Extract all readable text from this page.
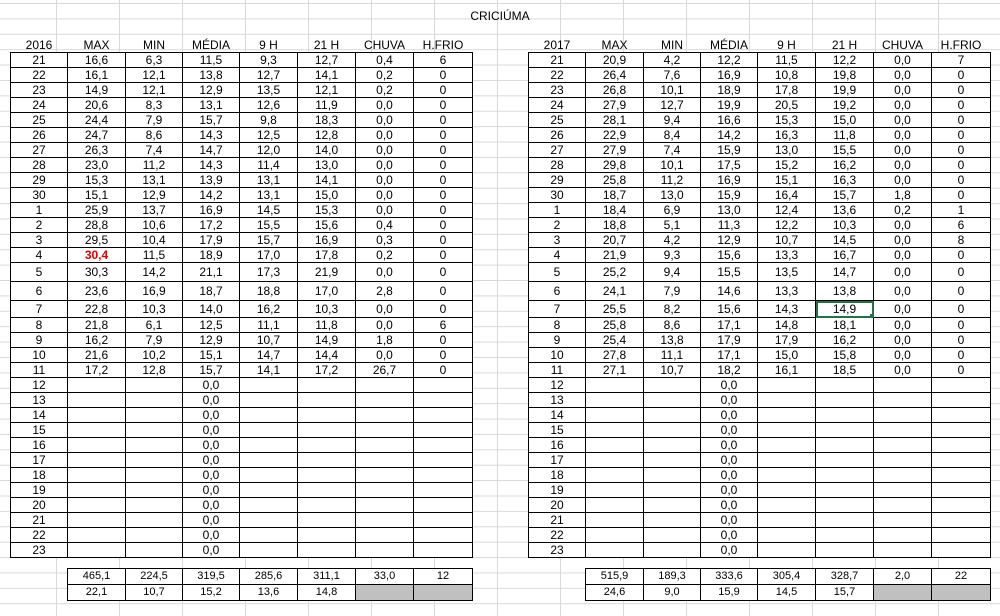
CRICIÚMA
2016	MAX	MIN	MÉDIA	9 H	21 H	CHUVA	H.FRIO
21	16,6	6,3	11,5	9,3	12,7	0,4	6
22	16,1	12,1	13,8	12,7	14,1	0,2	0
23	14,9	12,1	12,9	13,5	12,1	0,2	0
24	20,6	8,3	13,1	12,6	11,9	0,0	0
25	24,4	7,9	15,7	9,8	18,3	0,0	0
26	24,7	8,6	14,3	12,5	12,8	0,0	0
27	26,3	7,4	14,7	12,0	14,0	0,0	0
28	23,0	11,2	14,3	11,4	13,0	0,0	0
29	15,3	13,1	13,9	13,1	14,1	0,0	0
30	15,1	12,9	14,2	13,1	15,0	0,0	0
1	25,9	13,7	16,9	14,5	15,3	0,0	0
2	28,8	10,6	17,2	15,5	15,6	0,4	0
3	29,5	10,4	17,9	15,7	16,9	0,3	0
4	30,4	11,5	18,9	17,0	17,8	0,2	0
5	30,3	14,2	21,1	17,3	21,9	0,0	0
6	23,6	16,9	18,7	18,8	17,0	2,8	0
7	22,8	10,3	14,0	16,2	10,3	0,0	0
8	21,8	6,1	12,5	11,1	11,8	0,0	6
9	16,2	7,9	12,9	10,7	14,9	1,8	0
10	21,6	10,2	15,1	14,7	14,4	0,0	0
11	17,2	12,8	15,7	14,1	17,2	26,7	0
12			0,0				
13			0,0				
14			0,0				
15			0,0				
16			0,0				
17			0,0				
18			0,0				
19			0,0				
20			0,0				
21			0,0				
22			0,0				
23			0,0				

	465,1	224,5	319,5	285,6	311,1	33,0	12
	22,1	10,7	15,2	13,6	14,8		
2017	MAX	MIN	MÉDIA	9 H	21 H	CHUVA	H.FRIO
21	20,9	4,2	12,2	11,5	12,2	0,0	7
22	26,4	7,6	16,9	10,8	19,8	0,0	0
23	26,8	10,1	18,9	17,8	19,9	0,0	0
24	27,9	12,7	19,9	20,5	19,2	0,0	0
25	28,1	9,4	16,6	15,3	15,0	0,0	0
26	22,9	8,4	14,2	16,3	11,8	0,0	0
27	27,9	7,4	15,9	13,0	15,5	0,0	0
28	29,8	10,1	17,5	15,2	16,2	0,0	0
29	25,8	11,2	16,9	15,1	16,3	0,0	0
30	18,7	13,0	15,9	16,4	15,7	1,8	0
1	18,4	6,9	13,0	12,4	13,6	0,2	1
2	18,8	5,1	11,3	12,2	10,3	0,0	6
3	20,7	4,2	12,9	10,7	14,5	0,0	8
4	21,9	9,3	15,6	13,3	16,7	0,0	0
5	25,2	9,4	15,5	13,5	14,7	0,0	0
6	24,1	7,9	14,6	13,3	13,8	0,0	0
7	25,5	8,2	15,6	14,3	14,9	0,0	0
8	25,8	8,6	17,1	14,8	18,1	0,0	0
9	25,4	13,8	17,9	17,9	16,2	0,0	0
10	27,8	11,1	17,1	15,0	15,8	0,0	0
11	27,1	10,7	18,2	16,1	18,5	0,0	0
12			0,0				
13			0,0				
14			0,0				
15			0,0				
16			0,0				
17			0,0				
18			0,0				
19			0,0				
20			0,0				
21			0,0				
22			0,0				
23			0,0				

	515,9	189,3	333,6	305,4	328,7	2,0	22
	24,6	9,0	15,9	14,5	15,7		
